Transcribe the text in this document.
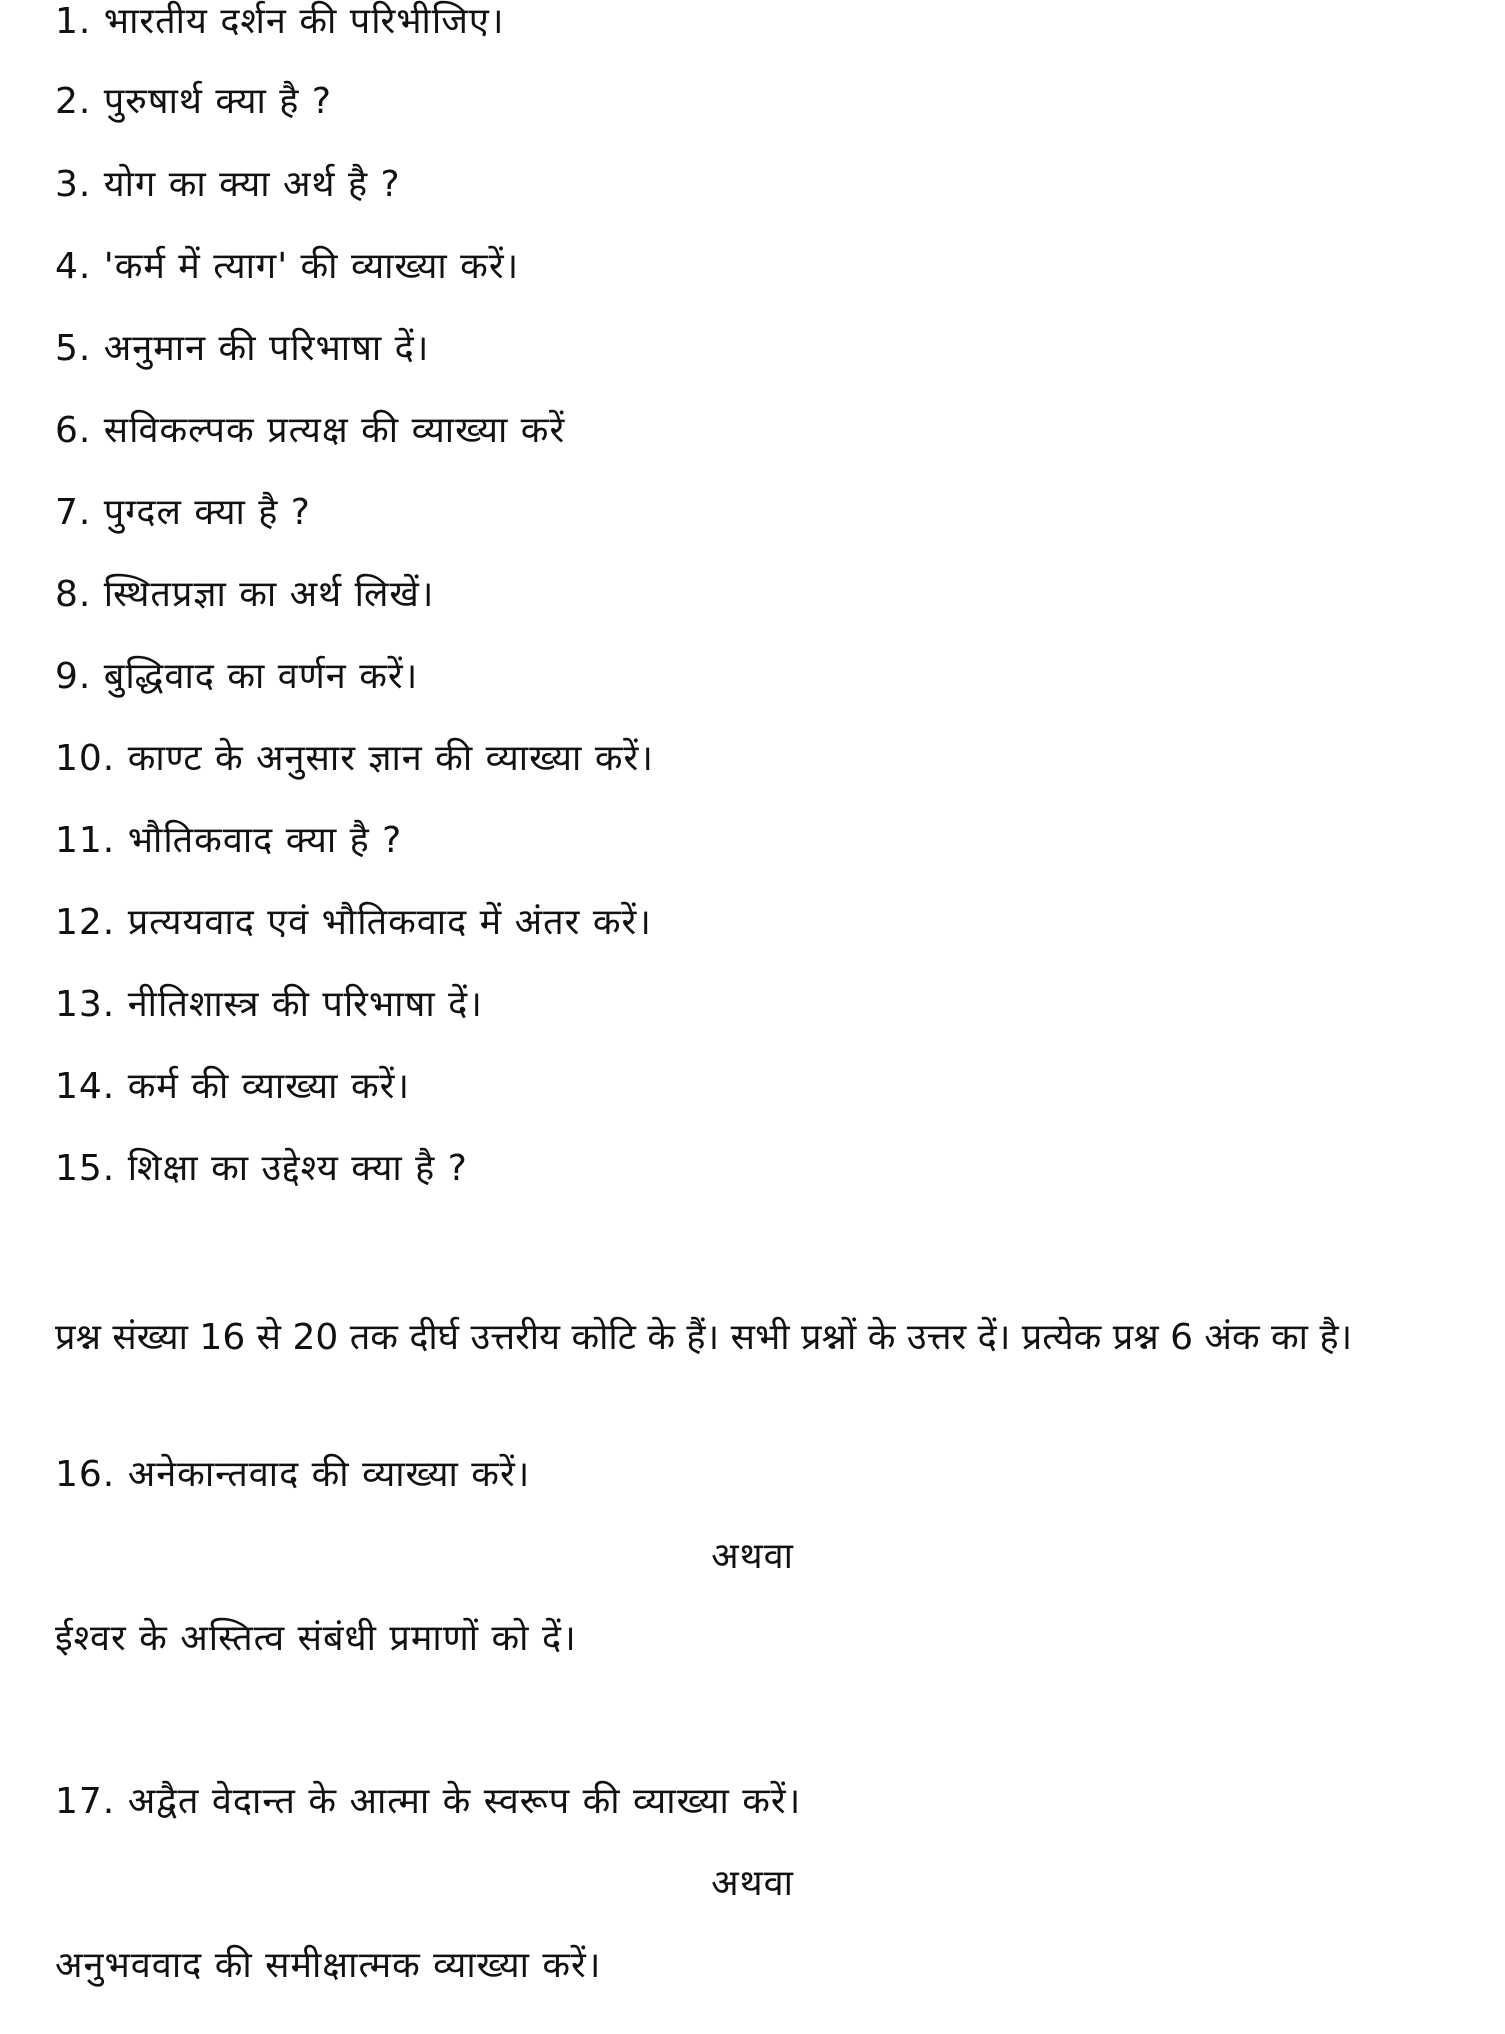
1. भारतीय दर्शन की परिभीजिए।
2. पुरुषार्थ क्या है ?
3. योग का क्या अर्थ है ?
4. 'कर्म में त्याग' की व्याख्या करें।
5. अनुमान की परिभाषा दें।
6. सविकल्पक प्रत्यक्ष की व्याख्या करें
7. पुग्दल क्या है ?
8. स्थितप्रज्ञा का अर्थ लिखें।
9. बुद्धिवाद का वर्णन करें।
10. काण्ट के अनुसार ज्ञान की व्याख्या करें।
11. भौतिकवाद क्या है ?
12. प्रत्ययवाद एवं भौतिकवाद में अंतर करें।
13. नीतिशास्त्र की परिभाषा दें।
14. कर्म की व्याख्या करें।
15. शिक्षा का उद्देश्य क्या है ?
प्रश्न संख्या 16 से 20 तक दीर्घ उत्तरीय कोटि के हैं। सभी प्रश्नों के उत्तर दें। प्रत्येक प्रश्न 6 अंक का है।
16. अनेकान्तवाद की व्याख्या करें।
अथवा
ईश्वर के अस्तित्व संबंधी प्रमाणों को दें।
17. अद्वैत वेदान्त के आत्मा के स्वरूप की व्याख्या करें।
अथवा
अनुभववाद की समीक्षात्मक व्याख्या करें।
